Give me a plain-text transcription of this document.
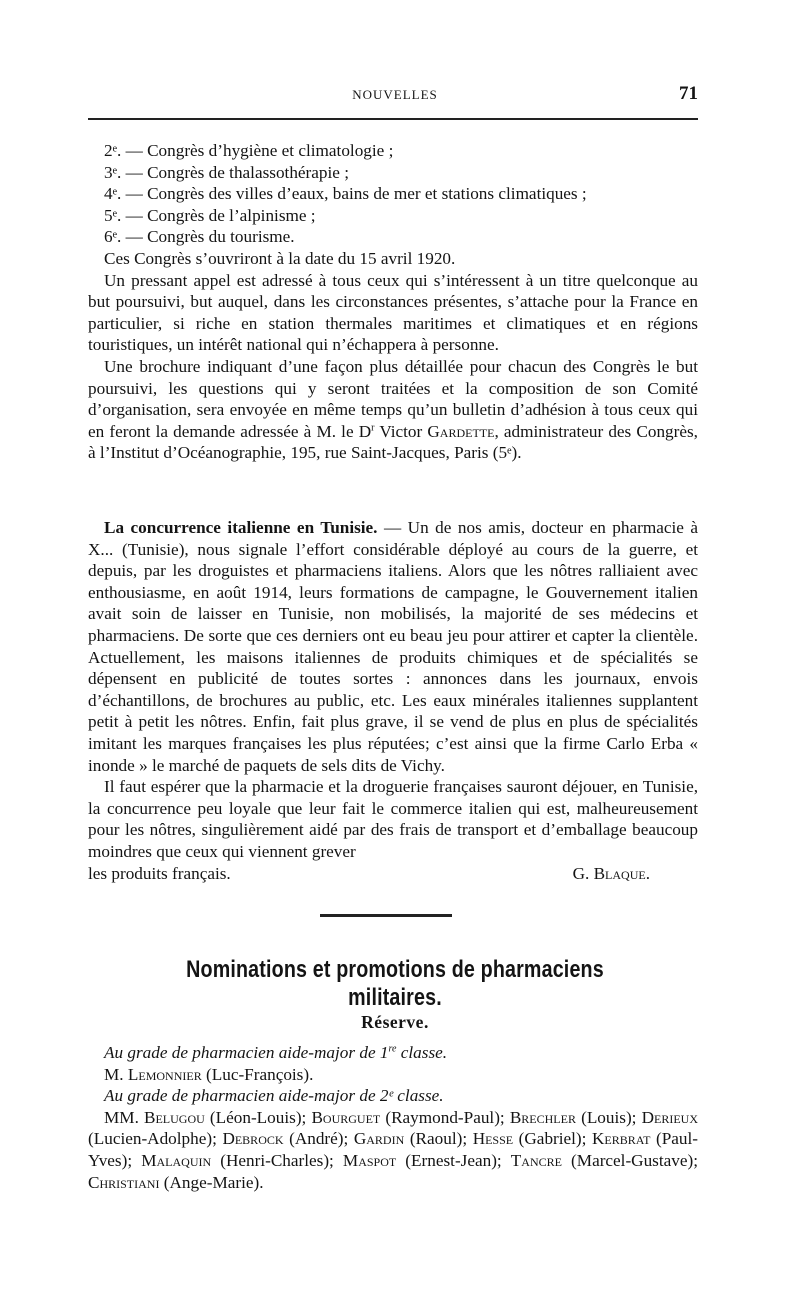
NOUVELLES	71
2ᵉ. — Congrès d’hygiène et climatologie ;
3ᵉ. — Congrès de thalassothérapie ;
4ᵉ. — Congrès des villes d’eaux, bains de mer et stations climatiques ;
5ᵉ. — Congrès de l’alpinisme ;
6ᵉ. — Congrès du tourisme.

Ces Congrès s’ouvriront à la date du 15 avril 1920.

Un pressant appel est adressé à tous ceux qui s’intéressent à un titre quelconque au but poursuivi, but auquel, dans les circonstances présentes, s’attache pour la France en particulier, si riche en station thermales maritimes et climatiques et en régions touristiques, un intérêt national qui n’échappera à personne.

Une brochure indiquant d’une façon plus détaillée pour chacun des Congrès le but poursuivi, les questions qui y seront traitées et la composition de son Comité d’organisation, sera envoyée en même temps qu’un bulletin d’adhésion à tous ceux qui en feront la demande adressée à M. le $D^r$ Victor Gardette, administrateur des Congrès, à l’Institut d’Océanographie, 195, rue Saint-Jacques, Paris (5ᵉ).

La concurrence italienne en Tunisie. — Un de nos amis, docteur en pharmacie à X... (Tunisie), nous signale l’effort considérable déployé au cours de la guerre, et depuis, par les droguistes et pharmaciens italiens. Alors que les nôtres ralliaient avec enthousiasme, en août 1914, leurs formations de campagne, le Gouvernement italien avait soin de laisser en Tunisie, non mobilisés, la majorité de ses médecins et pharmaciens. De sorte que ces derniers ont eu beau jeu pour attirer et capter la clientèle. Actuellement, les maisons italiennes de produits chimiques et de spécialités se dépensent en publicité de toutes sortes : annonces dans les journaux, envois d’échantillons, de brochures au public, etc. Les eaux minérales italiennes supplantent petit à petit les nôtres. Enfin, fait plus grave, il se vend de plus en plus de spécialités imitant les marques françaises les plus réputées; c’est ainsi que la firme Carlo Erba « inonde » le marché de paquets de sels dits de Vichy.

Il faut espérer que la pharmacie et la droguerie françaises sauront déjouer, en Tunisie, la concurrence peu loyale que leur fait le commerce italien qui est, malheureusement pour les nôtres, singulièrement aidé par des frais de transport et d’emballage beaucoup moindres que ceux qui viennent grever

les produits français.	G. Blaque.
Nominations et promotions de pharmaciens militaires.
Réserve.

Au grade de pharmacien aide-major de 1re classe.

M. Lemonnier (Luc-François).

Au grade de pharmacien aide-major de 2ᵉ classe.

MM. Belugou (Léon-Louis); Bourguet (Raymond-Paul); Brechler (Louis); Derieux (Lucien-Adolphe); Debrock (André); Gardin (Raoul); Hesse (Gabriel); Kerbrat (Paul-Yves); Malaquin (Henri-Charles); Maspot (Ernest-Jean); Tancre (Marcel-Gustave); Christiani (Ange-Marie).
